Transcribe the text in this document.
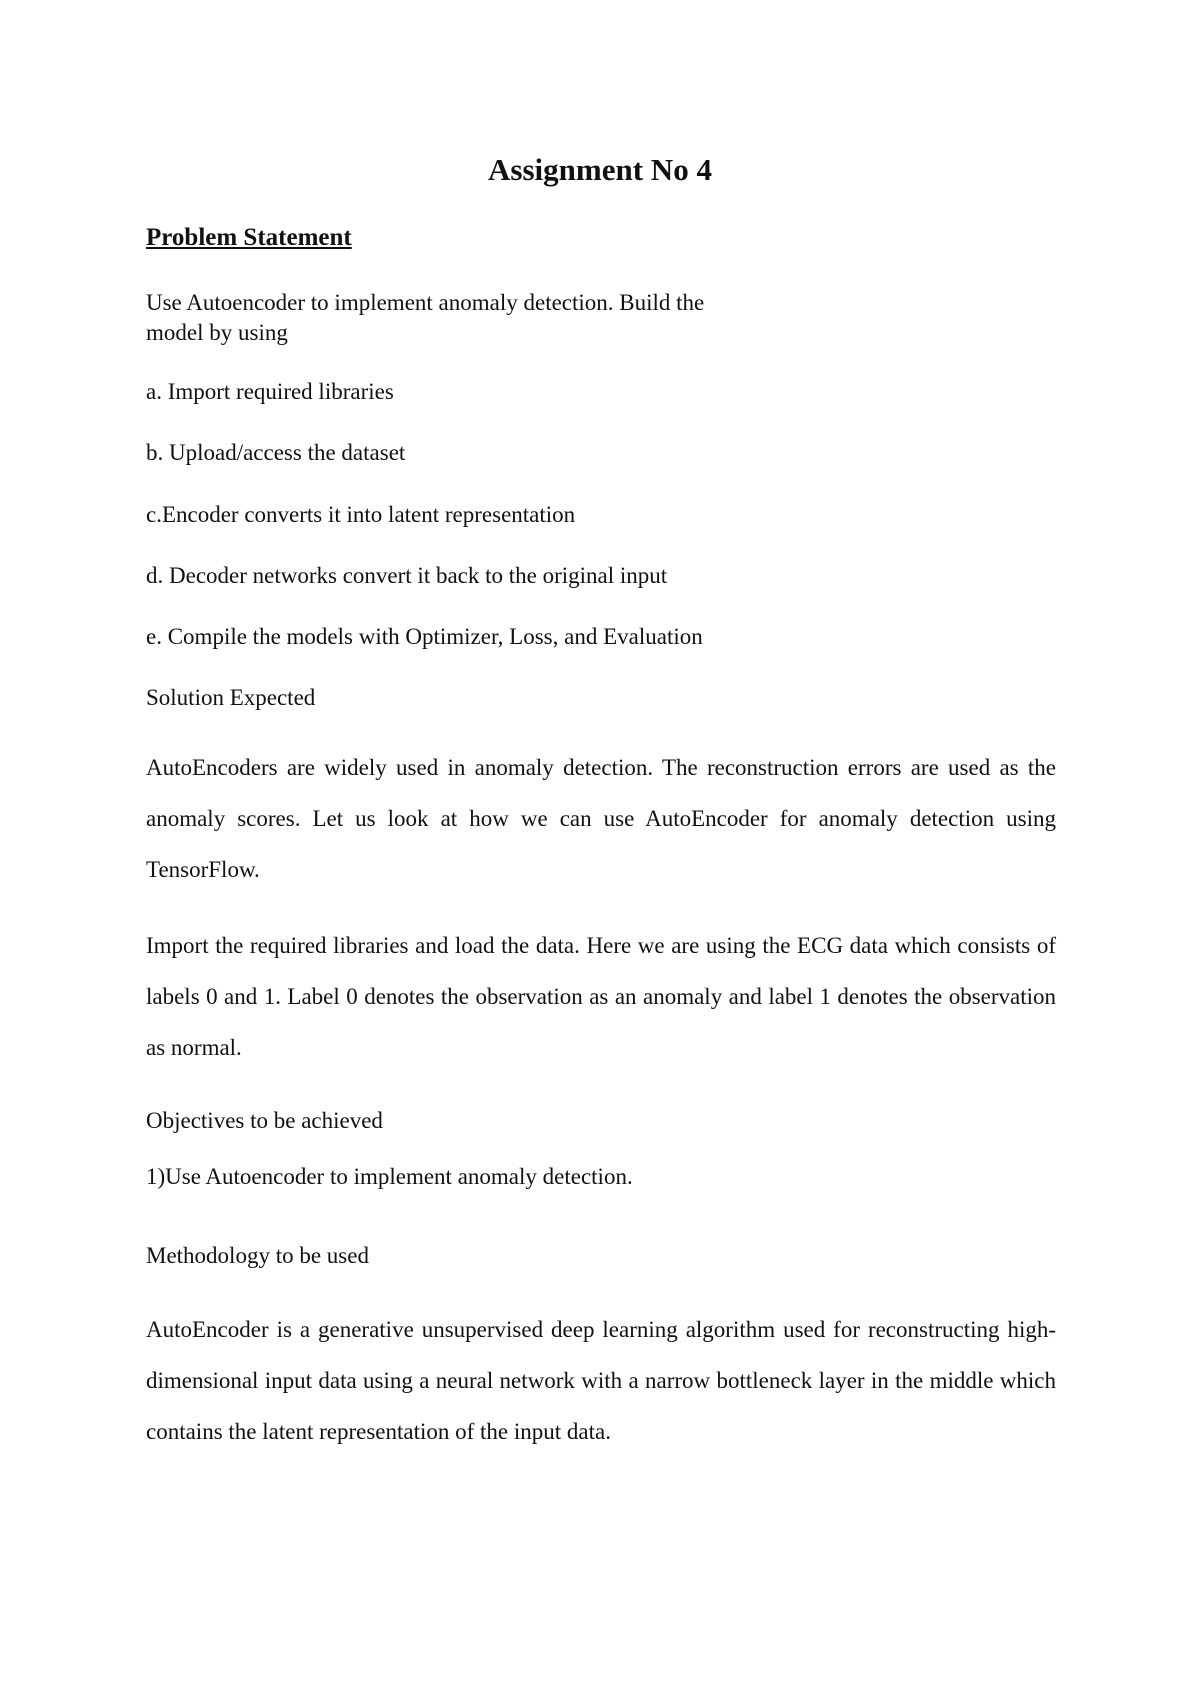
Assignment No 4
Problem Statement

Use Autoencoder to implement anomaly detection. Build the

model by using

a. Import required libraries

b. Upload/access the dataset

c.Encoder converts it into latent representation

d. Decoder networks convert it back to the original input

e. Compile the models with Optimizer, Loss, and Evaluation

Solution Expected

AutoEncoders are widely used in anomaly detection. The reconstruction errors are used as the anomaly scores. Let us look at how we can use AutoEncoder for anomaly detection using TensorFlow.

Import the required libraries and load the data. Here we are using the ECG data which consists of labels 0 and 1. Label 0 denotes the observation as an anomaly and label 1 denotes the observation as normal.

Objectives to be achieved

1)Use Autoencoder to implement anomaly detection.

Methodology to be used

AutoEncoder is a generative unsupervised deep learning algorithm used for reconstructing high-dimensional input data using a neural network with a narrow bottleneck layer in the middle which contains the latent representation of the input data.
